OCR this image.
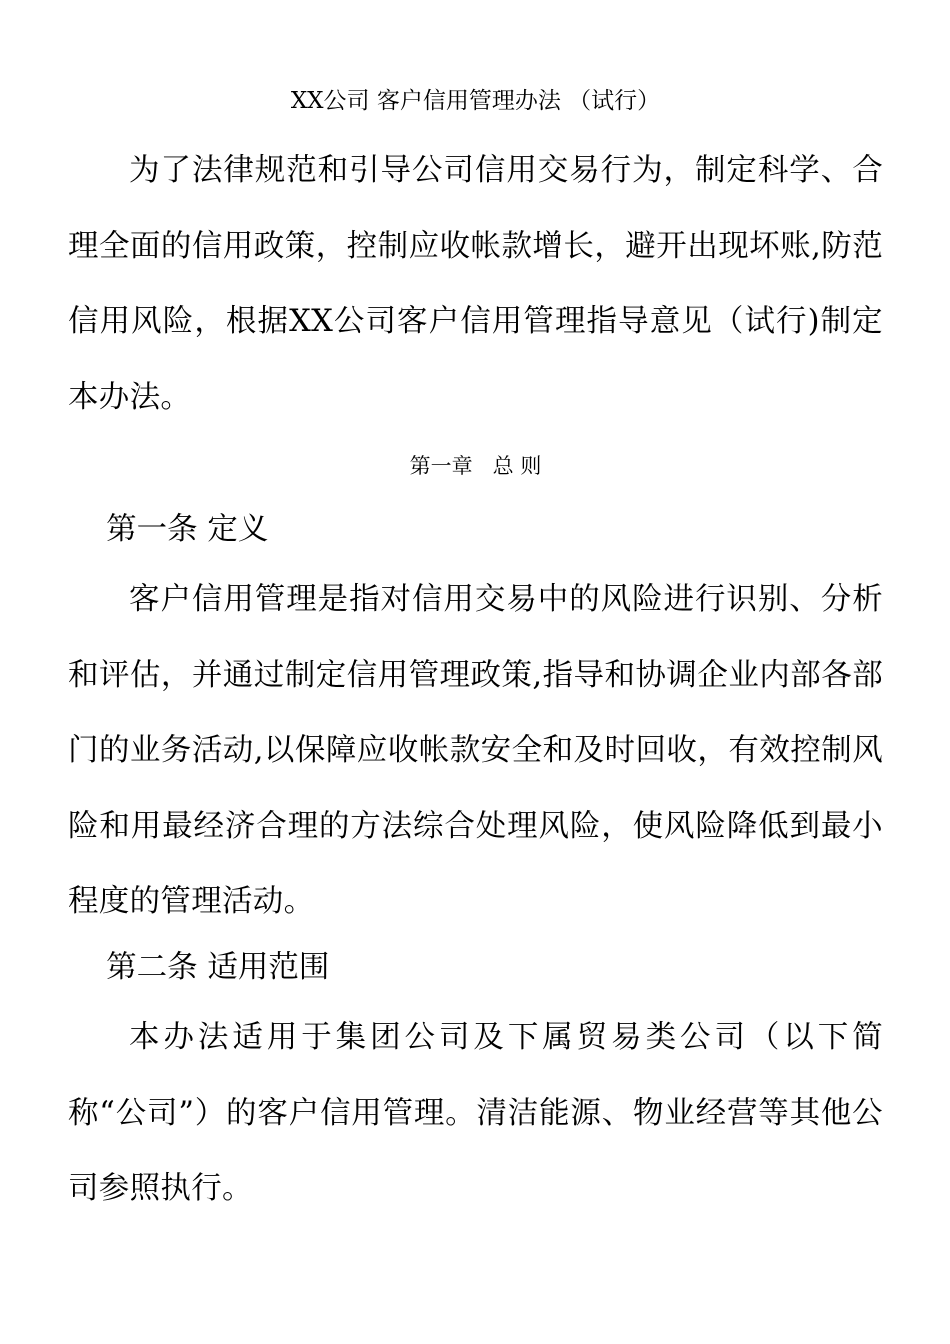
XX公司 客户信用管理办法 （试行）

为了法律规范和引导公司信用交易行为，制定科学、合理全面的信用政策，控制应收帐款增长，避开出现坏账,防范信用风险，根据XX公司客户信用管理指导意见（试行)制定本办法。

第一章   总 则

第一条 定义

客户信用管理是指对信用交易中的风险进行识别、分析和评估，并通过制定信用管理政策,指导和协调企业内部各部门的业务活动,以保障应收帐款安全和及时回收，有效控制风险和用最经济合理的方法综合处理风险，使风险降低到最小程度的管理活动。

第二条 适用范围

本办法适用于集团公司及下属贸易类公司（以下简称“公司”）的客户信用管理。清洁能源、物业经营等其他公司参照执行。
